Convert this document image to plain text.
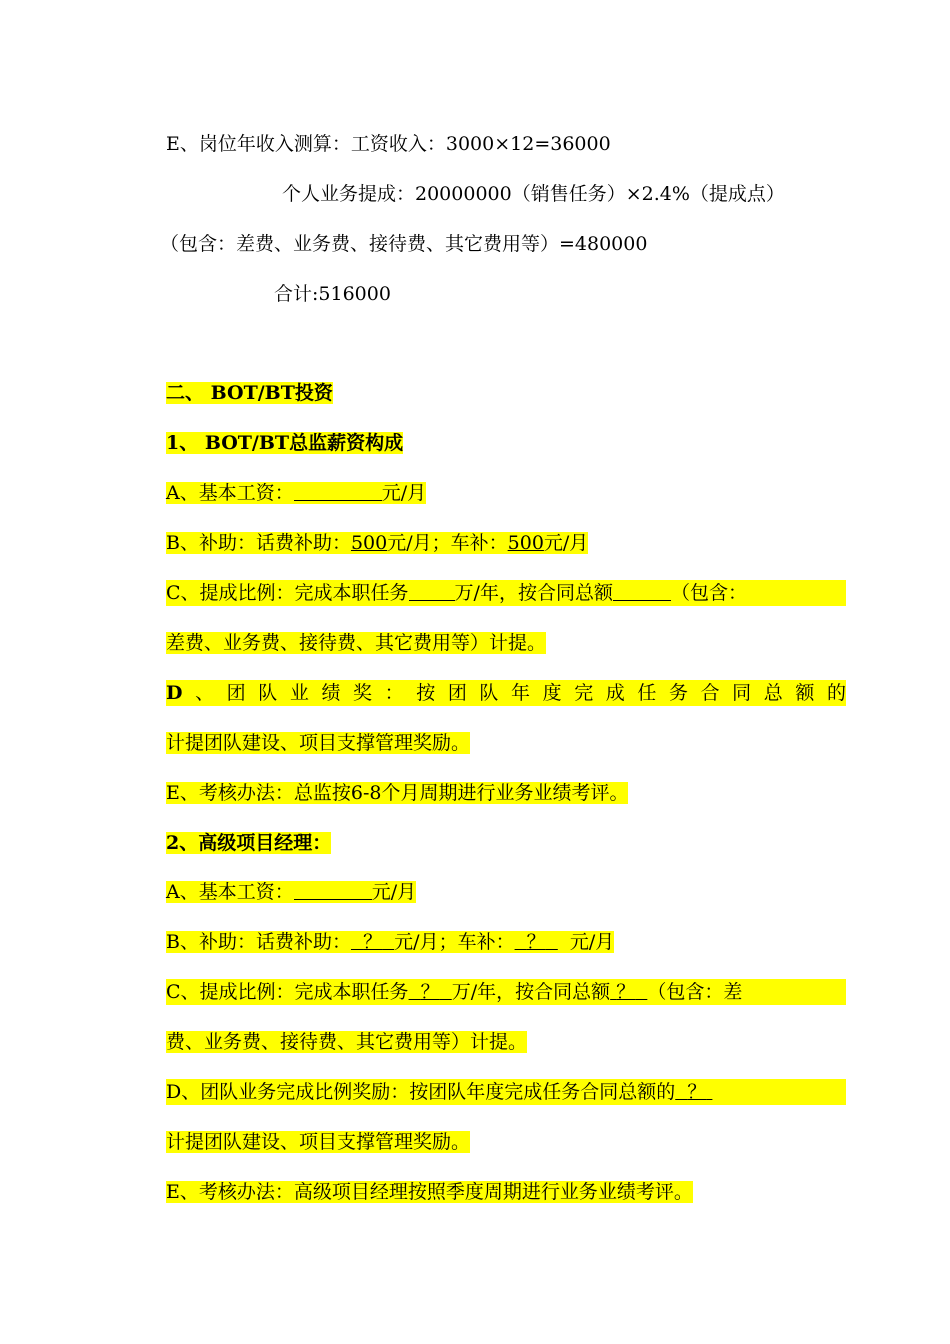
E、岗位年收入测算：工资收入：3000×12=36000
个人业务提成：20000000（销售任务）×2.4%（提成点）
（包含：差费、业务费、接待费、其它费用等）=480000
合计:516000
二、 BOT/BT投资
1、 BOT/BT总监薪资构成
A、基本工资：	元/月
B、补助：话费补助：500元/月；车补：500元/月
C、提成比例：完成本职任务 万/年，按合同总额	（包含：
差费、业务费、接待费、其它费用等）计提。
D 、 团 队 业 绩 奖 ： 按 团 队 年 度 完 成 任 务 合 同 总 额 的
计提团队建设、项目支撑管理奖励。
E、考核办法：总监按6-8个月周期进行业务业绩考评。
2、高级项目经理：
A、基本工资：	元/月
B、补助：话费补助： ？ 元/月；车补： ？ 元/月
C、提成比例：完成本职任务 ？ 万/年，按合同总额 ？ （包含：差
费、业务费、接待费、其它费用等）计提。
D、团队业务完成比例奖励：按团队年度完成任务合同总额的 ？
计提团队建设、项目支撑管理奖励。
E、考核办法：高级项目经理按照季度周期进行业务业绩考评。
